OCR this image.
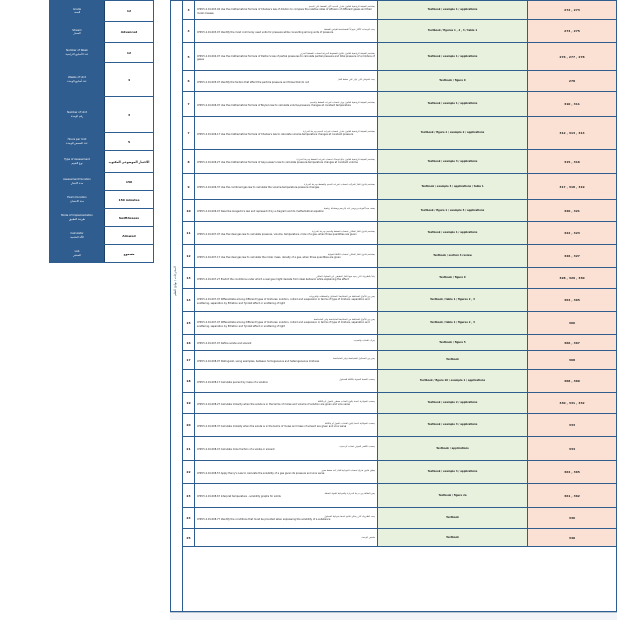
Grade
الصف	12
Stream
المسار	Advanced
Number of Week
عدد الأسابيع الدراسية	12
Weeks of Unit
عدد أسابيع الوحدة	4
Number of Unit
رقم الوحدة	3
Hours per Unit
عدد الحصص للوحدة	5
Type of Assessment
نوع التقييم	الاختبار الموضوعي المكتوب
Assessment Duration
مدة الاختبار	150
Exam Duration
مدة الامتحان	150 minutes
Mode of Implementation
طريقة التطبيق	SwiftAssess
Calculator
الآلة الحاسبة	Allowed
Lab
المختبر	مسموح
المخرجات / نواتج التعلم
3
يستخدم الصيغة الرياضية لقانون شارل لتحديد تأثير الضغط على الحجم
CHM.5.2.01.003.04 Use the mathematical formula of Charles's law of dilution to compare the relative rates of effusion of different gases and their molar masses
Textbook / example 1 / applications	272 , 273
4	يحدد الوحدات الأكثر شيوعاً المستخدمة لقياس الضغط
CHM.5.2.01.003.07 Identify the most commonly used units for pressure while converting among units of pressure
Textbook / figures 1 , 2 , 3 / table 1	274 , 275
5
يستخدم الصيغة الرياضية لقانون دالتون للضغوط الجزئية لحساب الضغط الجزئي
CHM.5.2.01.004.07 Use the mathematical formula of Dalton's law of partial pressures to calculate partial pressure and total pressure of a mixture of gases
Textbook / example 1 / applications	276 , 277 , 278
6	يحدد العوامل التي تؤثر على ضغط الغاز
CHM.5.2.01.005.07 Identify the factors that affect the particle pressure and those that do not
Textbook / figure 9	278
7	يستخدم الصيغة الرياضية لقانون بويل لحساب تغيرات الضغط والحجم
CHM.5.2.01.006.07 Use the mathematical formula of Boyle's law to calculate volume-pressure changes at constant temperature
Textbook / example 1 / applications	310 , 311
7	يستخدم الصيغة الرياضية لقانون شارل لحساب تغيرات الحجم ودرجة الحرارة
CHM.5.2.01.006.17 Use the mathematical formula of Charles's law to calculate volume-temperature changes at constant pressure
Textbook / figure 1 / example 2 / applications	312 , 313 , 314
8	يستخدم الصيغة الرياضية لقانون جاي لوساك لحساب تغيرات الضغط ودرجة الحرارة
CHM.5.2.01.006.27 Use the mathematical formula of Gay-Lussac's law to calculate pressure-temperature changes at constant volume
Textbook / example 3 / applications	315 , 316
9	يستخدم قانون الغاز المركب لحساب تغيرات الحجم والضغط ودرجة الحرارة
CHM.5.2.01.006.37 Use the combined gas law to calculate the volume-temperature-pressure changes
Textbook / example 4 / applications / table 1	317 , 318 , 319
10	يصف مبدأ أفوجادرو ويعبر عنه بالرسم وبمعادلة رياضية
CHM.5.2.01.006.47 Describe Avogadro's law and represent it by a diagram and its mathematical equation
Textbook / figure 1 / example 5 / applications	320 , 321
11	يستخدم قانون الغاز المثالي لحساب الضغط والحجم ودرجة الحرارة
CHM.5.2.01.007.07 Use the ideal gas law to calculate pressure, volume, temperature, mole of a gas, when three quantities are given
Textbook / example 1 / applications	322 , 323
12	يستخدم قانون الغاز المثالي لحساب الكتلة المولية
CHM.5.2.01.007.17 Use the ideal gas law to calculate the molar mass, density of a gas, when three quantities are given
Textbook / section 4 review	326 , 327
13	يتنبأ بالظروف التي يحيد فيها الغاز الحقيقي عن السلوك المثالي
CHM.5.2.01.007.27 Predict the conditions under which a real gas might deviate from ideal behavior while explaining the effect
Textbook / figure 9	328 , 329 , 330
14
يميز بين الأنواع المختلفة من المخاليط: المحاليل والمعلقات والغرويات
CHM.5.2.01.007.07 Differentiate among different types of mixtures: solution, colloid and suspension in terms of type of mixture, separation and scattering, separation by filtration and Tyndall effect or scattering of light
Textbook / table 1 / figures 2 , 3	364 , 365
15
يميز بين الأنواع المختلفة من المخاليط المتجانسة وغير المتجانسة
CHM.5.2.01.007.07 Differentiate among different types of mixtures: solution, colloid and suspension in terms of type of mixture, separation and scattering, separation by filtration and Tyndall effect or scattering of light
Textbook / table 1 / figures 2 , 3	366
16	يعرف المذاب والمذيب
CHM.5.2.01.007.07 Define solute and solvent
Textbook / figure 5	366 , 367
17	يميز بين المحاليل المتجانسة وغير المتجانسة
CHM.5.2.01.008.07 Distinguish, using examples, between homogeneous and heterogeneous mixtures
Textbook	368
18	يحسب النسبة المئوية بالكتلة للمحلول
CHM.5.2.01.008.17 Calculate percent by mass of a solution
Textbook / figure 10 / example 1 / applications	368 , 369
19	يحسب المولارية عندما يكون المذاب معطى بالمول أو بالكتلة
CHM.5.2.01.008.27 Calculate molarity when the solute is in the terms of moles and volume of solution are given and vice versa
Textbook / example 2 / applications	330 , 331 , 332
20	يحسب المولالية عندما يكون المذاب بالمول أو بالكتلة
CHM.5.2.01.008.37 Calculate molality when the solute is in the terms of moles and mass of solvent are given and vice versa
Textbook / example 3 / applications	333
21	يحسب الكسر المولي لمذاب أو مذيب
CHM.5.2.01.008.47 Calculate mole fraction of a solute or solvent
Textbook / applications	334
22	يطبق قانون هنري لحساب الذوبانية للغاز عند ضغط معين
CHM.5.2.01.008.57 Apply Henry's Law to calculate the solubility of a gas given its pressure and vice versa
Textbook / example 4 / applications	364 , 365
23	يميز العلاقة بين درجة الحرارة والذوبانية للمواد الصلبة
CHM.5.2.01.008.67 Interpret temperature - solubility graphs for solids
Textbook / figure 2a	361 , 362
24	يحدد الظروف التي يمكن التنبؤ عندها بذوبانية المحلول
CHM.5.2.01.008.77 Identify the conditions that must be provided when expressing the solubility of a substance
Textbook	336
25	ملخص الوحدة	Textbook	340
